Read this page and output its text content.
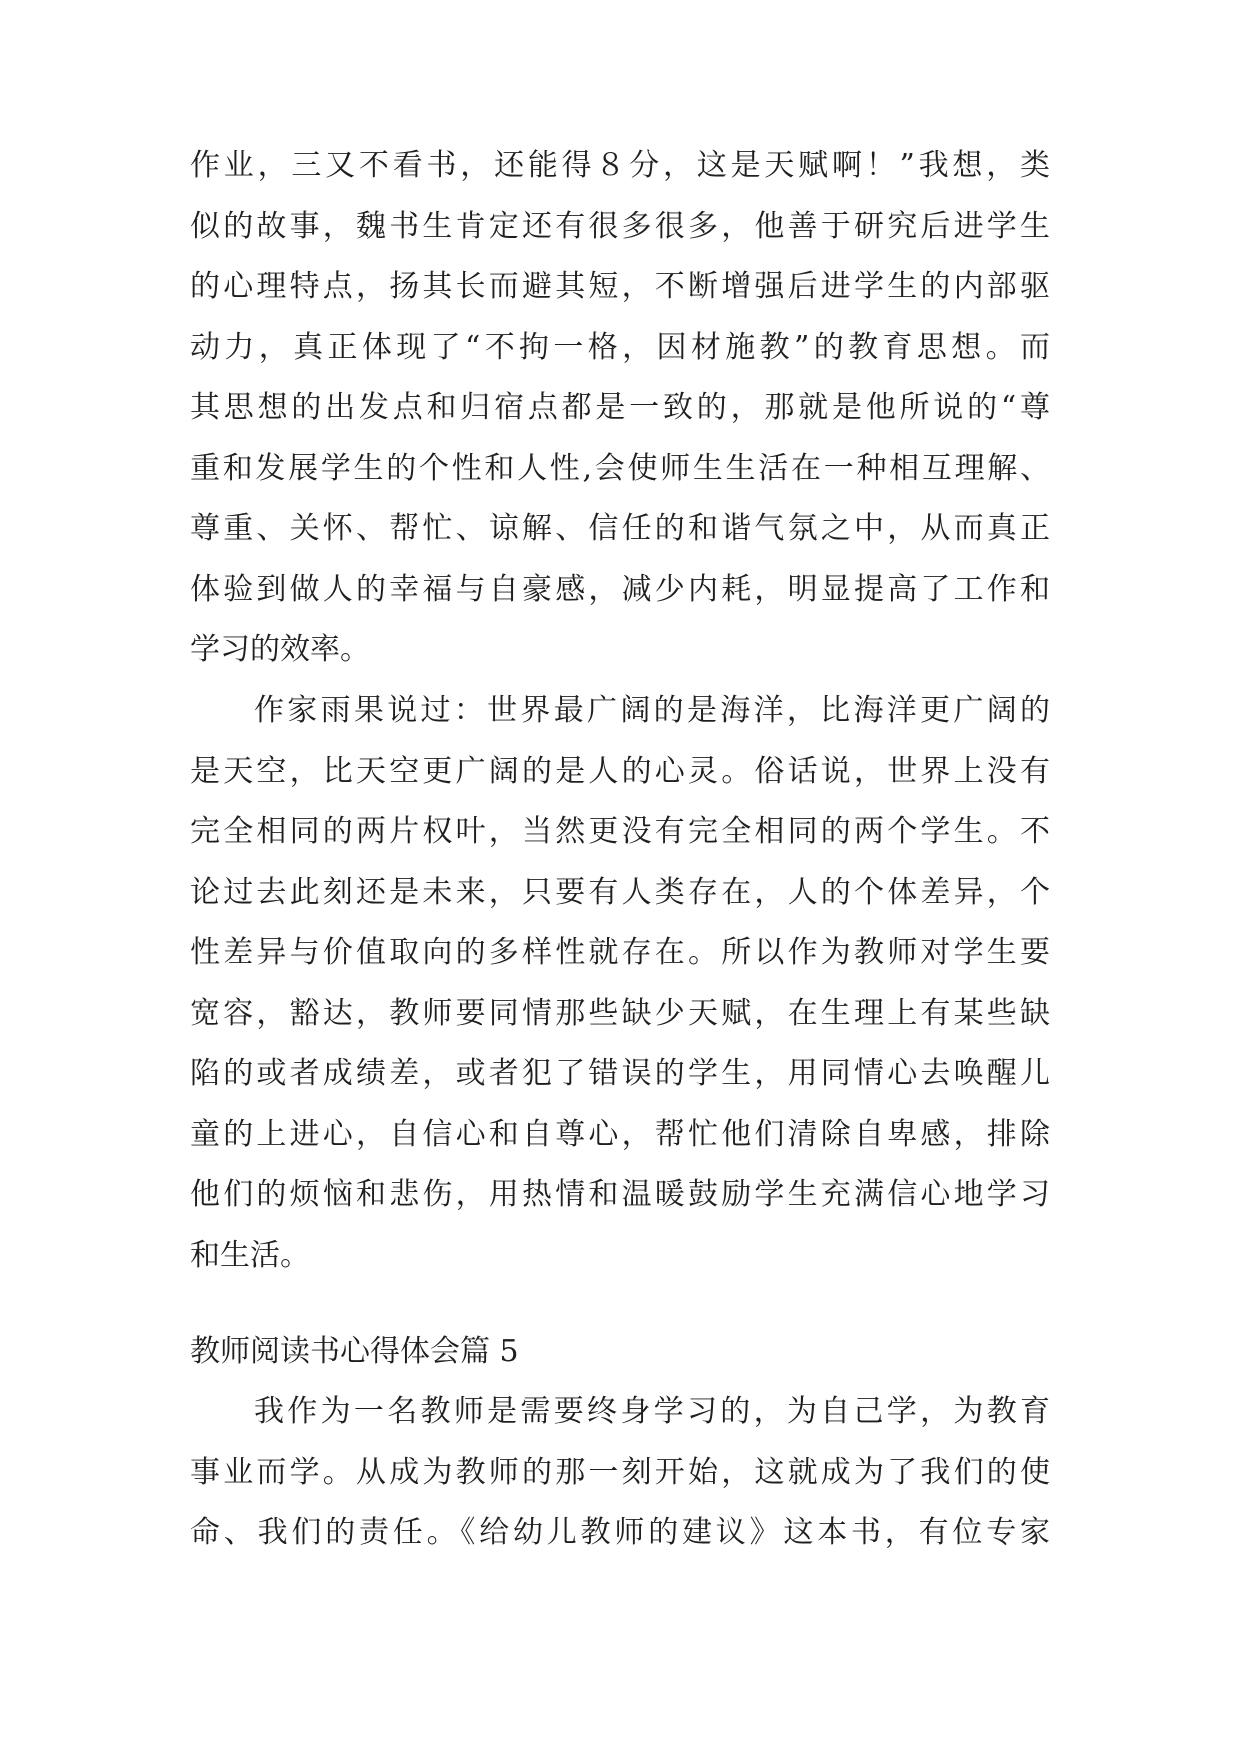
作业，三又不看书，还能得８分，这是天赋啊！”我想，类
似的故事，魏书生肯定还有很多很多，他善于研究后进学生
的心理特点，扬其长而避其短，不断增强后进学生的内部驱
动力，真正体现了“不拘一格，因材施教”的教育思想。而
其思想的出发点和归宿点都是一致的，那就是他所说的“尊
重和发展学生的个性和人性,会使师生生活在一种相互理解、
尊重、关怀、帮忙、谅解、信任的和谐气氛之中，从而真正
体验到做人的幸福与自豪感，减少内耗，明显提高了工作和
学习的效率。
作家雨果说过：世界最广阔的是海洋，比海洋更广阔的
是天空，比天空更广阔的是人的心灵。俗话说，世界上没有
完全相同的两片权叶，当然更没有完全相同的两个学生。不
论过去此刻还是未来，只要有人类存在，人的个体差异，个
性差异与价值取向的多样性就存在。所以作为教师对学生要
宽容，豁达，教师要同情那些缺少天赋，在生理上有某些缺
陷的或者成绩差，或者犯了错误的学生，用同情心去唤醒儿
童的上进心，自信心和自尊心，帮忙他们清除自卑感，排除
他们的烦恼和悲伤，用热情和温暖鼓励学生充满信心地学习
和生活。
教师阅读书心得体会篇 5
我作为一名教师是需要终身学习的，为自己学，为教育
事业而学。从成为教师的那一刻开始，这就成为了我们的使
命、我们的责任。《给幼儿教师的建议》这本书，有位专家
